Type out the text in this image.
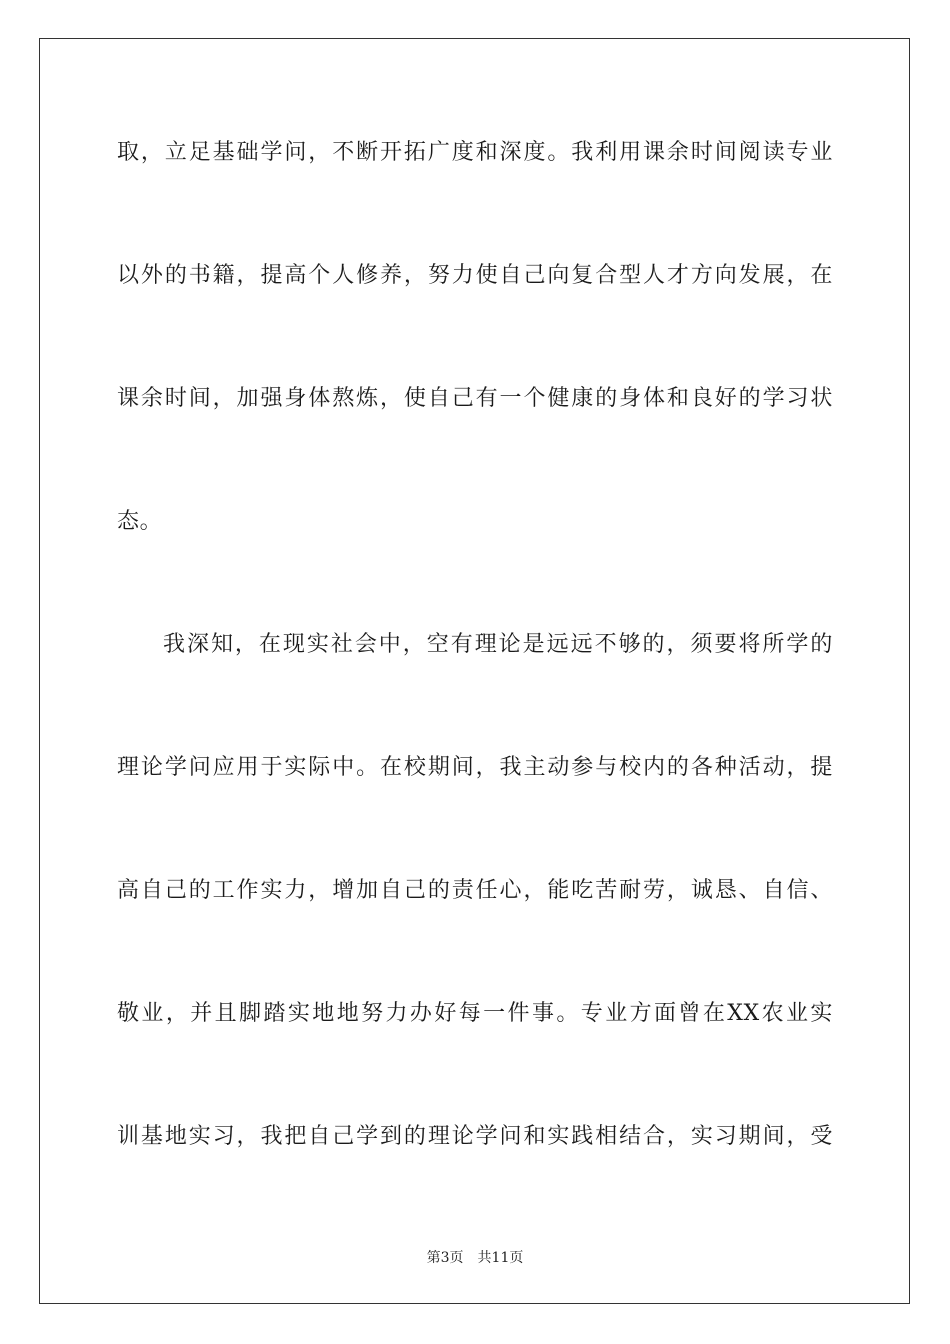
取，立足基础学问，不断开拓广度和深度。我利用课余时间阅读专业
以外的书籍，提高个人修养，努力使自己向复合型人才方向发展，在
课余时间，加强身体熬炼，使自己有一个健康的身体和良好的学习状
态。
我深知，在现实社会中，空有理论是远远不够的，须要将所学的
理论学问应用于实际中。在校期间，我主动参与校内的各种活动，提
高自己的工作实力，增加自己的责任心，能吃苦耐劳，诚恳、自信、
敬业，并且脚踏实地地努力办好每一件事。专业方面曾在XX农业实
训基地实习，我把自己学到的理论学问和实践相结合，实习期间，受
第3页 共11页
